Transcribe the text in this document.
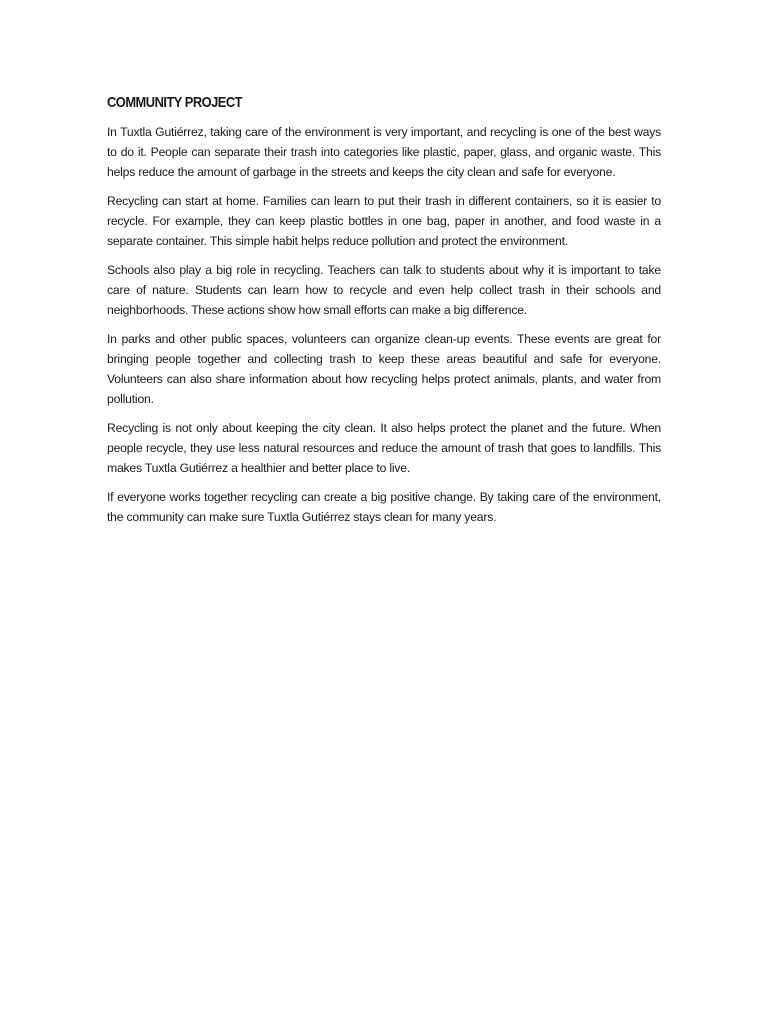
COMMUNITY PROJECT

In Tuxtla Gutiérrez, taking care of the environment is very important, and recycling is one of the best ways to do it. People can separate their trash into categories like plastic, paper, glass, and organic waste. This helps reduce the amount of garbage in the streets and keeps the city clean and safe for everyone.

Recycling can start at home. Families can learn to put their trash in different containers, so it is easier to recycle. For example, they can keep plastic bottles in one bag, paper in another, and food waste in a separate container. This simple habit helps reduce pollution and protect the environment.

Schools also play a big role in recycling. Teachers can talk to students about why it is important to take care of nature. Students can learn how to recycle and even help collect trash in their schools and neighborhoods. These actions show how small efforts can make a big difference.

In parks and other public spaces, volunteers can organize clean-up events. These events are great for bringing people together and collecting trash to keep these areas beautiful and safe for everyone. Volunteers can also share information about how recycling helps protect animals, plants, and water from pollution.

Recycling is not only about keeping the city clean. It also helps protect the planet and the future. When people recycle, they use less natural resources and reduce the amount of trash that goes to landfills. This makes Tuxtla Gutiérrez a healthier and better place to live.

If everyone works together recycling can create a big positive change. By taking care of the environment, the community can make sure Tuxtla Gutiérrez stays clean for many years.
